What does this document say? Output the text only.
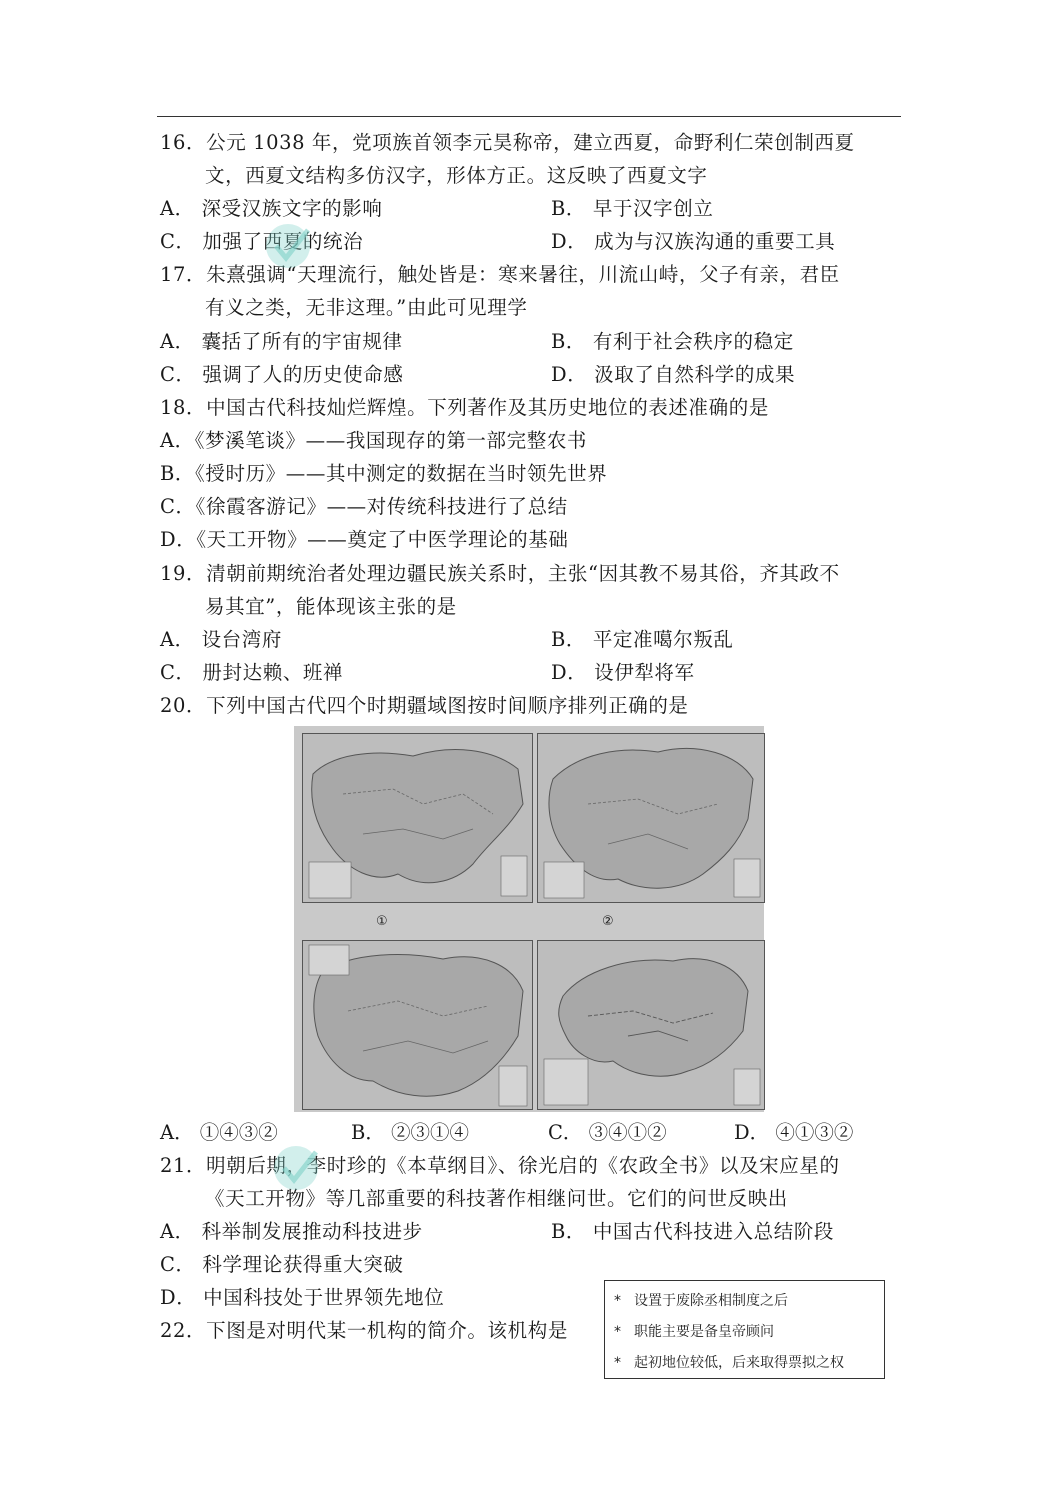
16．公元 1038 年，党项族首领李元昊称帝，建立西夏，命野利仁荣创制西夏
文，西夏文结构多仿汉字，形体方正。这反映了西夏文字
A． 深受汉族文字的影响	B． 早于汉字创立
C． 加强了西夏的统治	D． 成为与汉族沟通的重要工具
17．朱熹强调“天理流行，触处皆是：寒来暑往，川流山峙，父子有亲，君臣
有义之类，无非这理。”由此可见理学
A． 囊括了所有的宇宙规律	B． 有利于社会秩序的稳定
C． 强调了人的历史使命感	D． 汲取了自然科学的成果
18．中国古代科技灿烂辉煌。下列著作及其历史地位的表述准确的是
A．《梦溪笔谈》——我国现存的第一部完整农书
B．《授时历》——其中测定的数据在当时领先世界
C．《徐霞客游记》——对传统科技进行了总结
D．《天工开物》——奠定了中医学理论的基础
19．清朝前期统治者处理边疆民族关系时，主张“因其教不易其俗，齐其政不
易其宜”，能体现该主张的是
A． 设台湾府	B． 平定准噶尔叛乱
C． 册封达赖、班禅	D． 设伊犁将军
20．下列中国古代四个时期疆域图按时间顺序排列正确的是
①	②
A． ①④③②	B． ②③①④	C． ③④①②	D． ④①③②
21．明朝后期，李时珍的《本草纲目》、徐光启的《农政全书》以及宋应星的
《天工开物》等几部重要的科技著作相继问世。它们的问世反映出
A． 科举制发展推动科技进步	B． 中国古代科技进入总结阶段
C． 科学理论获得重大突破
D． 中国科技处于世界领先地位
22．下图是对明代某一机构的简介。该机构是
* 设置于废除丞相制度之后
* 职能主要是备皇帝顾问
* 起初地位较低，后来取得票拟之权
